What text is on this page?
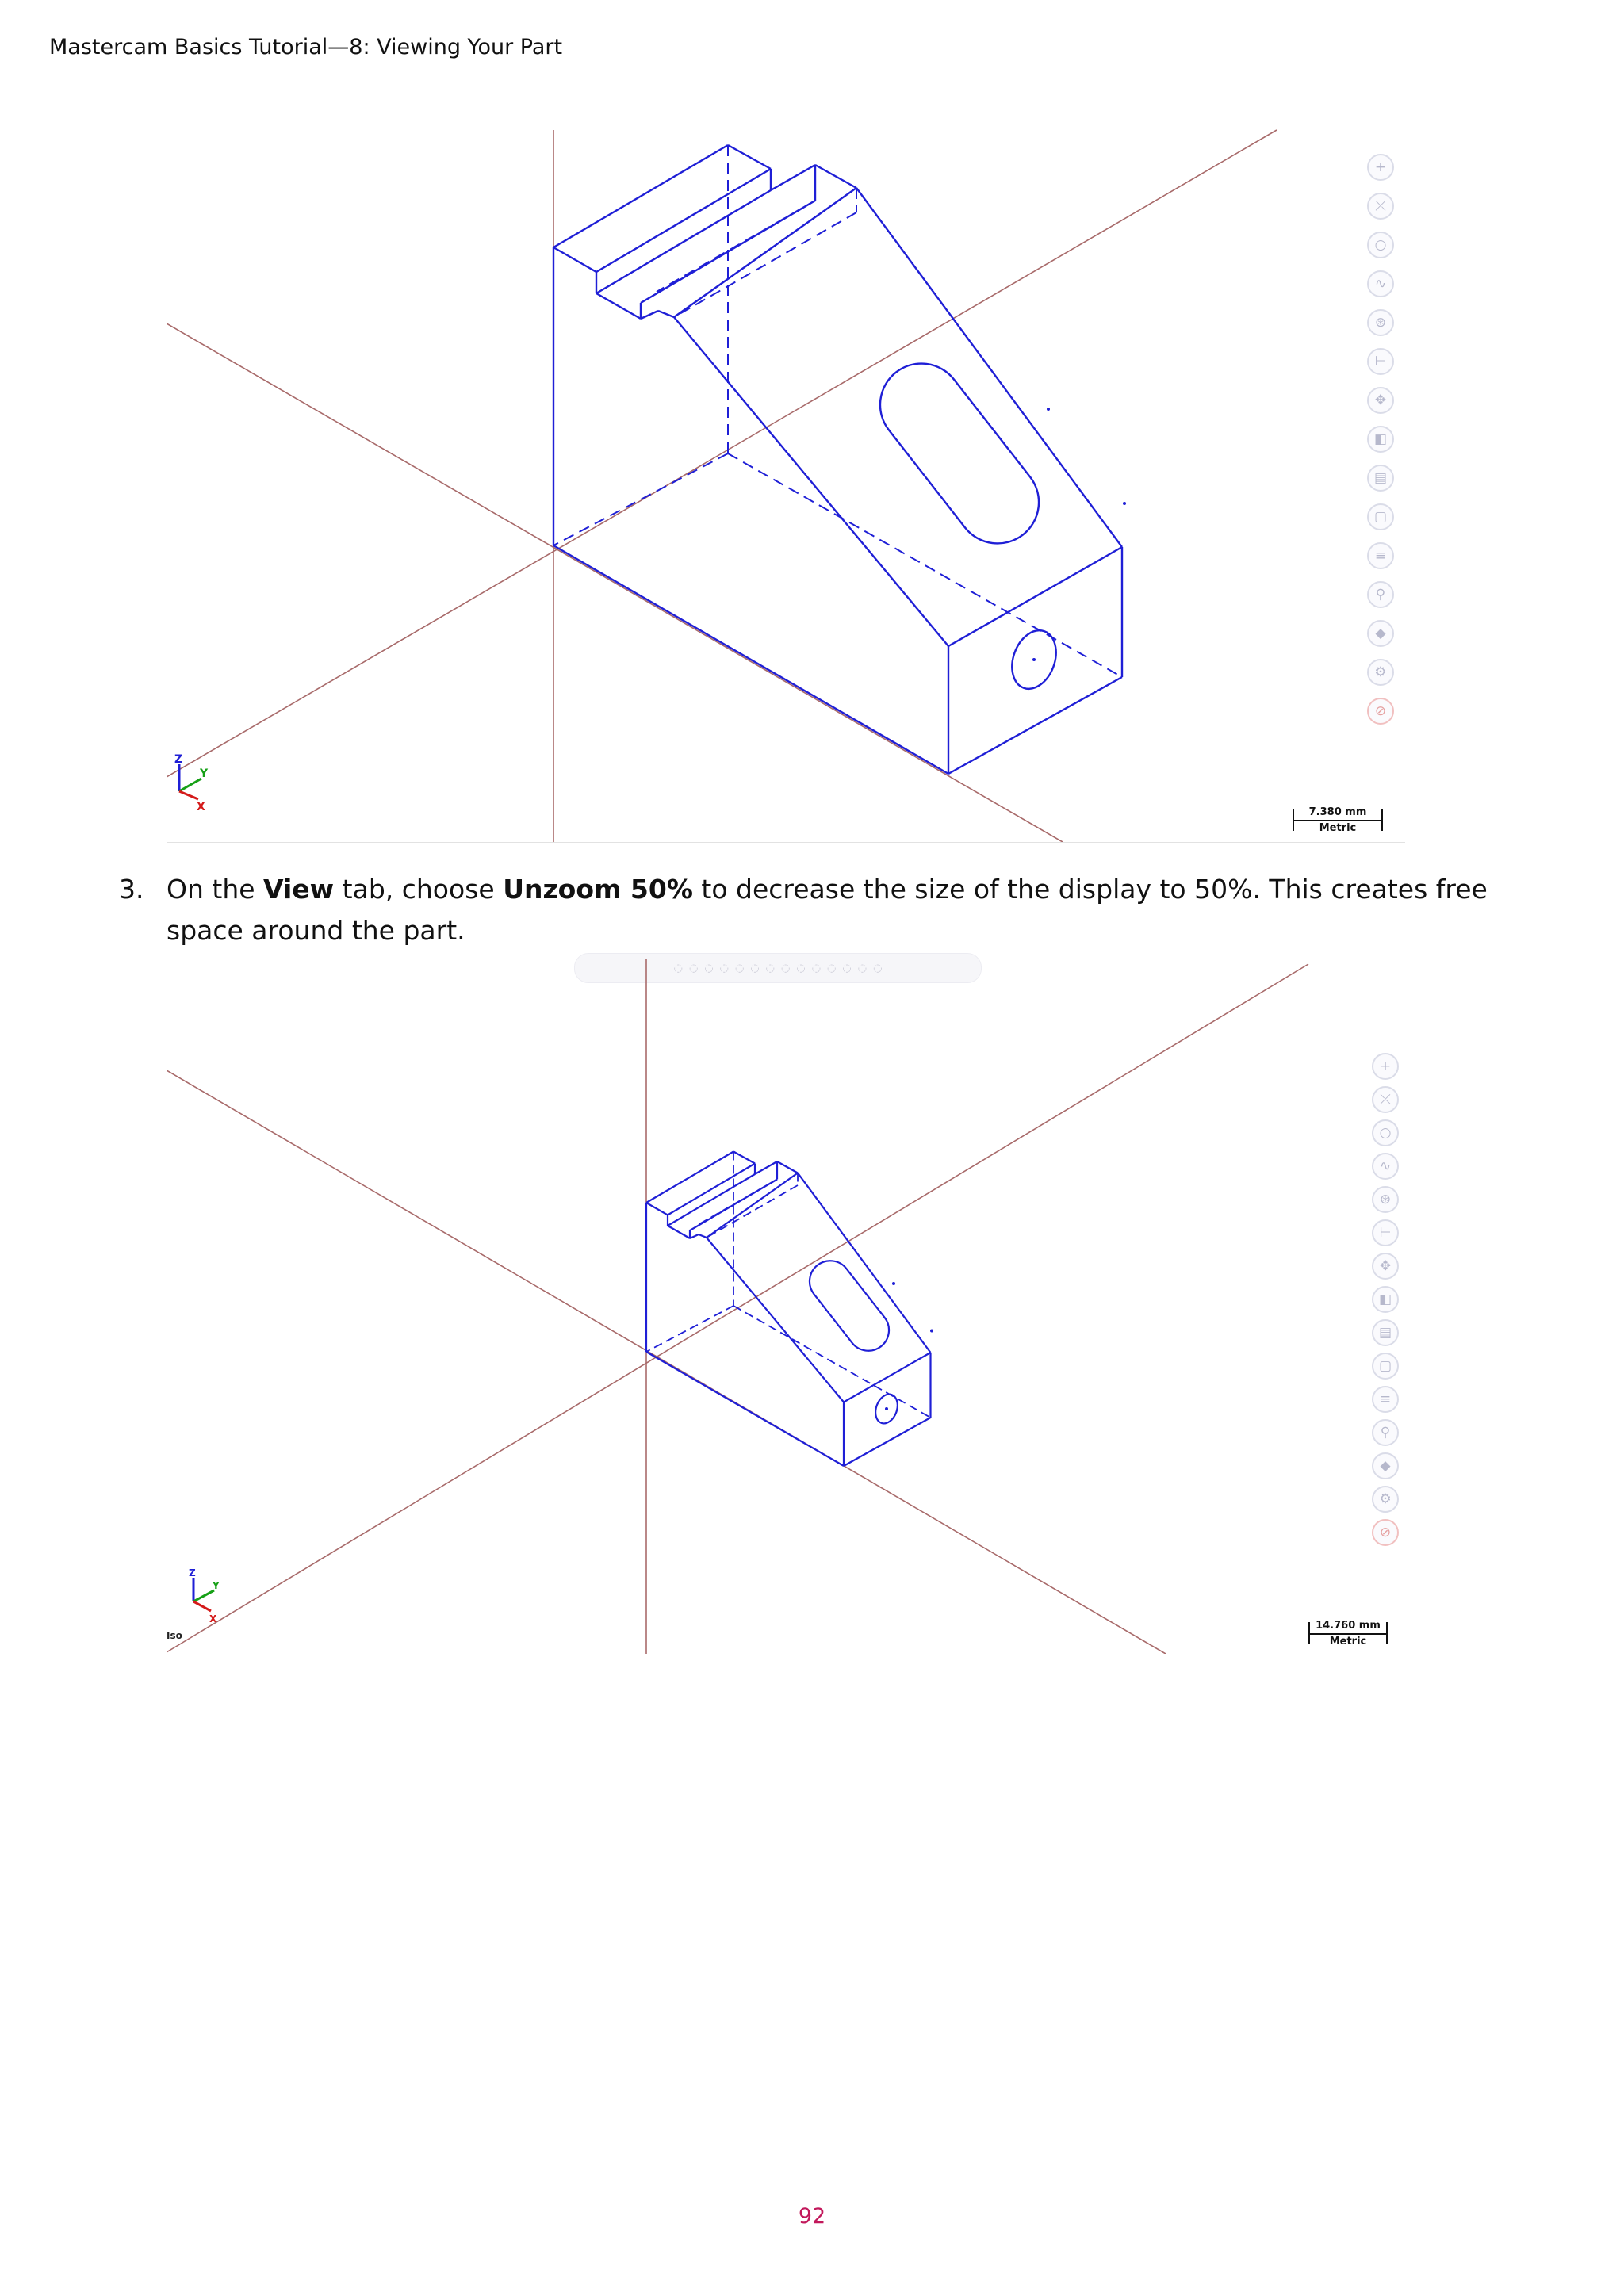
Mastercam Basics Tutorial—8: Viewing Your Part
Z
Y
X
+
⤫
○
∿
⊛
⊢
✥
◧
▤
▢
≡
⚲
◆
⚙
⊘
7.380 mm
Metric
3. On the View tab, choose Unzoom 50% to decrease the size of the display to 50%. This creates free space around the part.
◌ ◌ ◌ ◌ ◌ ◌ ◌ ◌ ◌ ◌ ◌ ◌ ◌ ◌
Z
Y
X
Iso
+
⤫
○
∿
⊛
⊢
✥
◧
▤
▢
≡
⚲
◆
⚙
⊘
14.760 mm
Metric
92
